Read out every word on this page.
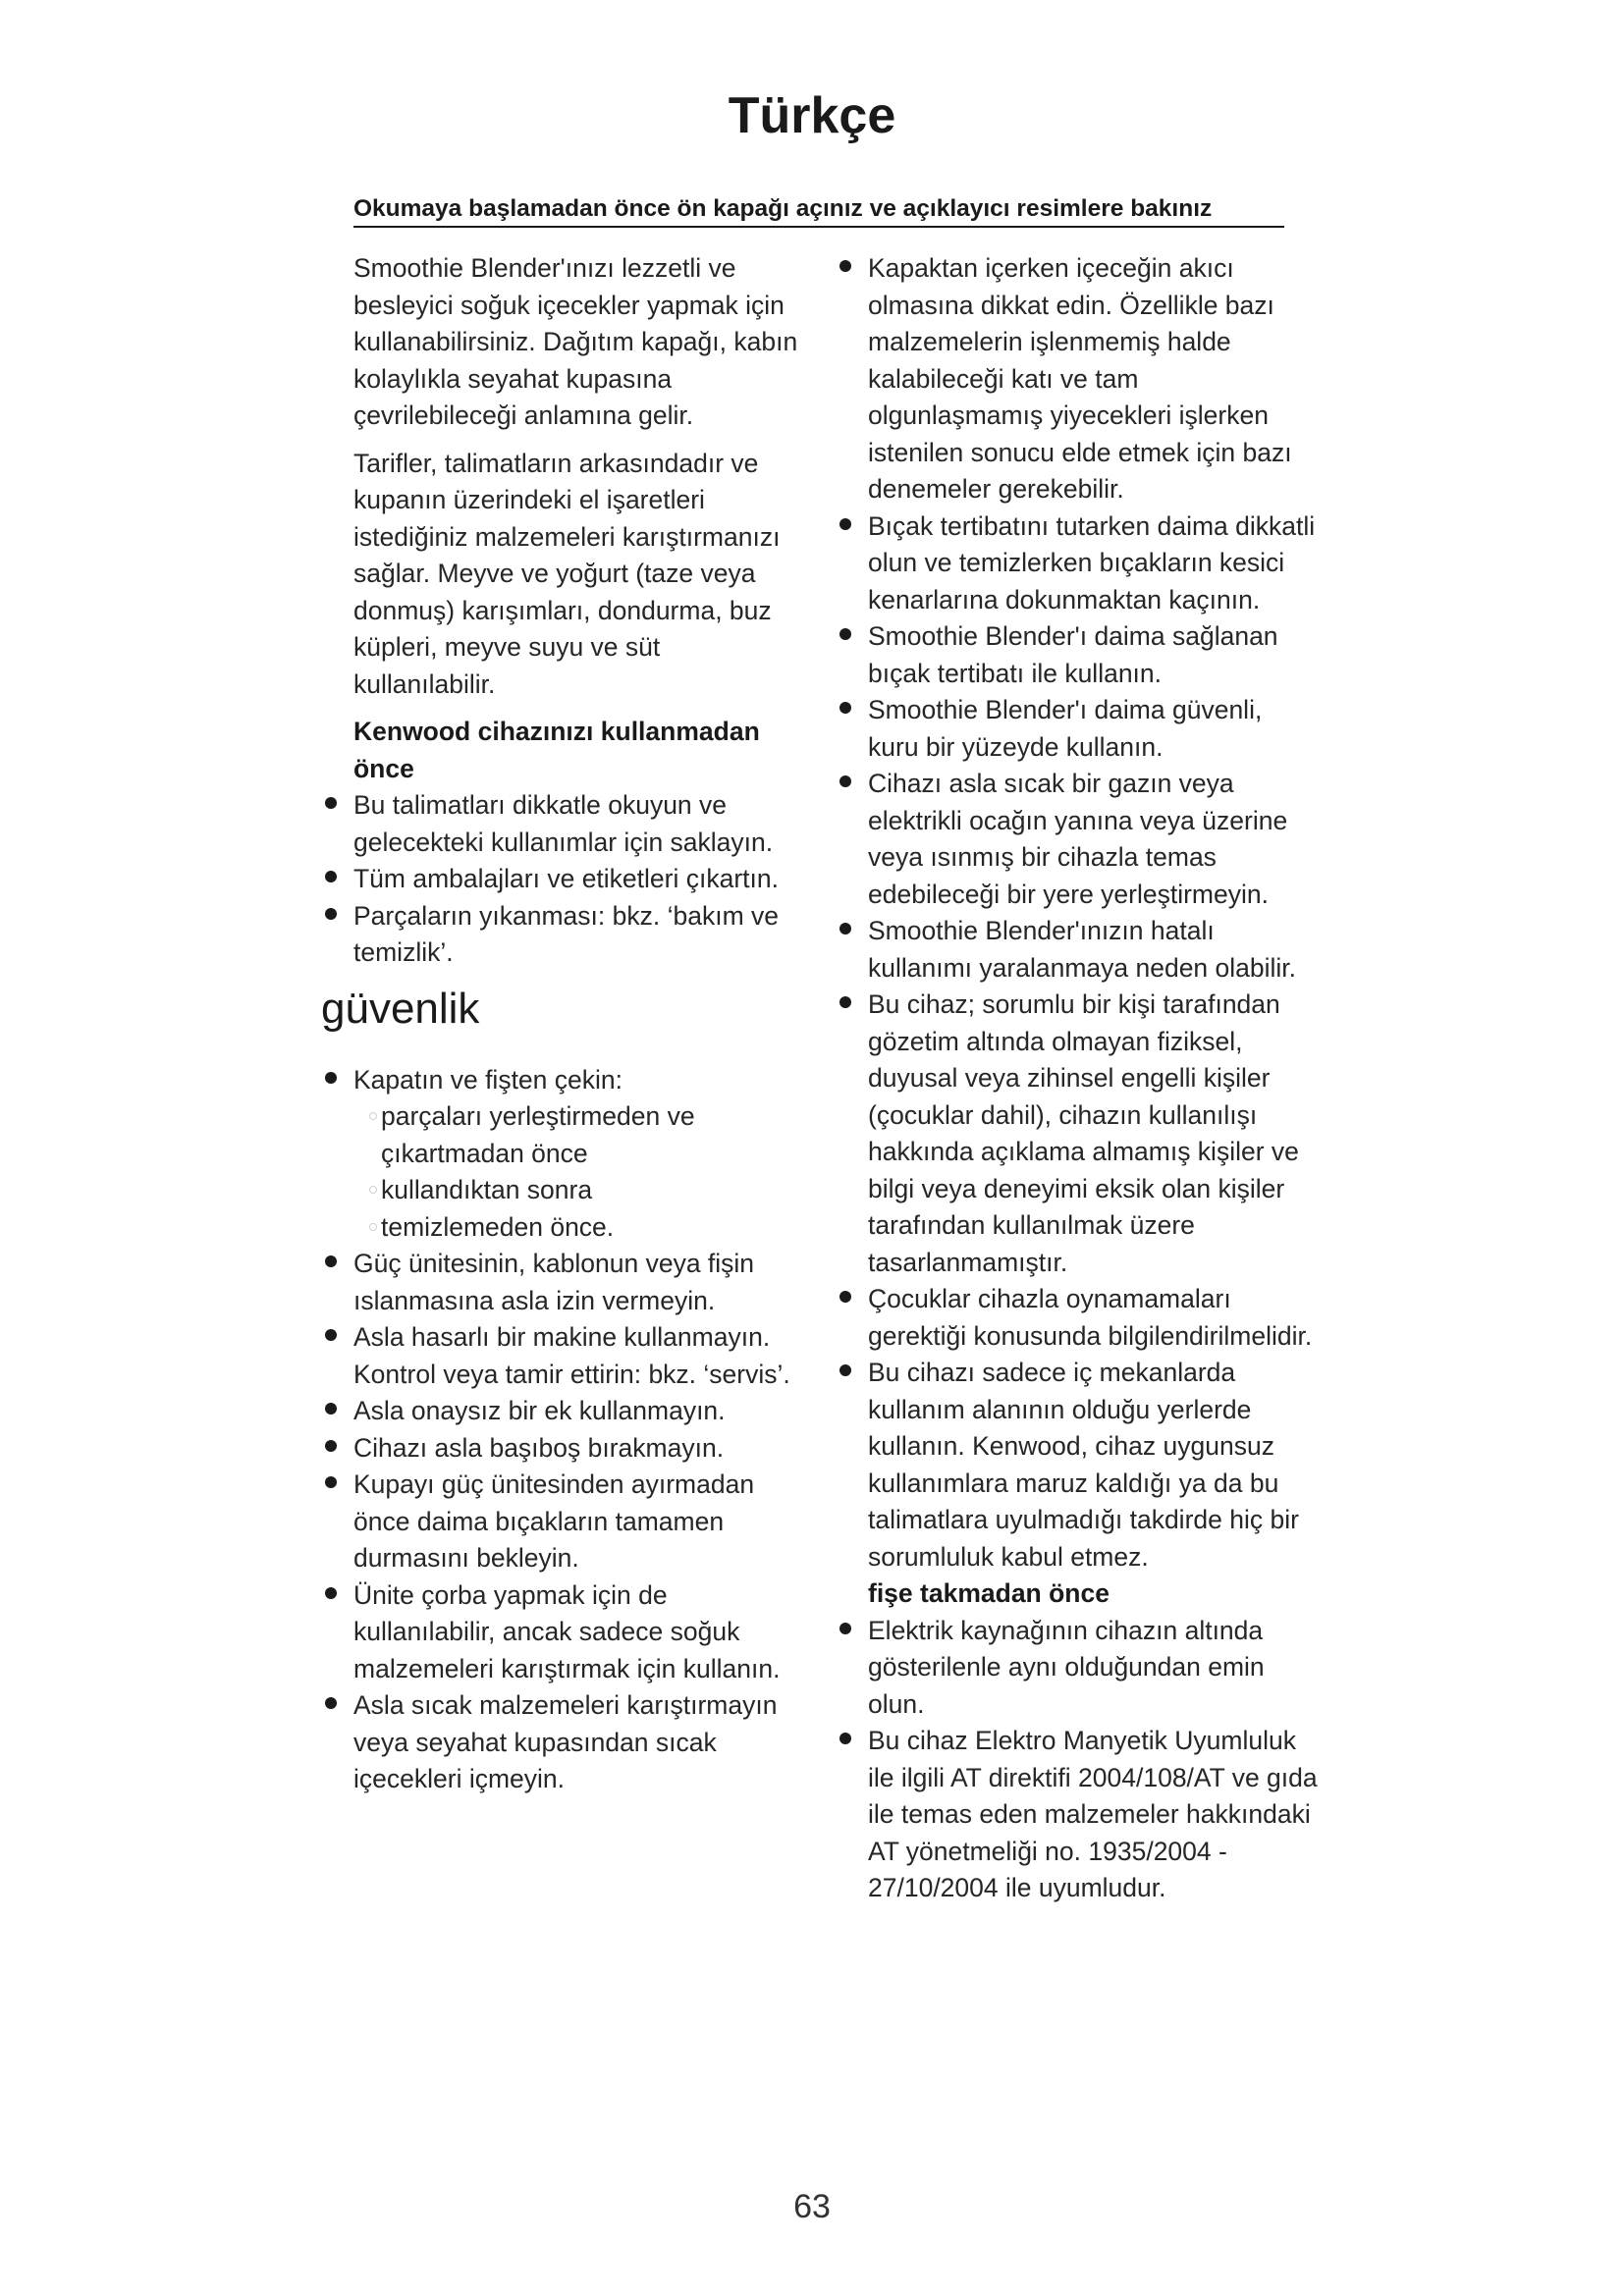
Türkçe
Okumaya başlamadan önce ön kapağı açınız ve açıklayıcı resimlere bakınız

Smoothie Blender'ınızı lezzetli ve besleyici soğuk içecekler yapmak için kullanabilirsiniz. Dağıtım kapağı, kabın kolaylıkla seyahat kupasına çevrilebileceği anlamına gelir.

Tarifler, talimatların arkasındadır ve kupanın üzerindeki el işaretleri istediğiniz malzemeleri karıştırmanızı sağlar. Meyve ve yoğurt (taze veya donmuş) karışımları, dondurma, buz küpleri, meyve suyu ve süt kullanılabilir.

Kenwood cihazınızı kullanmadan önce
Bu talimatları dikkatle okuyun ve gelecekteki kullanımlar için saklayın.
Tüm ambalajları ve etiketleri çıkartın.
Parçaların yıkanması: bkz. ‘bakım ve temizlik’.
güvenlik
Kapatın ve fişten çekin:
parçaları yerleştirmeden ve çıkartmadan önce
kullandıktan sonra
temizlemeden önce.
Güç ünitesinin, kablonun veya fişin ıslanmasına asla izin vermeyin.
Asla hasarlı bir makine kullanmayın. Kontrol veya tamir ettirin: bkz. ‘servis’.
Asla onaysız bir ek kullanmayın.
Cihazı asla başıboş bırakmayın.
Kupayı güç ünitesinden ayırmadan önce daima bıçakların tamamen durmasını bekleyin.
Ünite çorba yapmak için de kullanılabilir, ancak sadece soğuk malzemeleri karıştırmak için kullanın.
Asla sıcak malzemeleri karıştırmayın veya seyahat kupasından sıcak içecekleri içmeyin.
Kapaktan içerken içeceğin akıcı olmasına dikkat edin. Özellikle bazı malzemelerin işlenmemiş halde kalabileceği katı ve tam olgunlaşmamış yiyecekleri işlerken istenilen sonucu elde etmek için bazı denemeler gerekebilir.
Bıçak tertibatını tutarken daima dikkatli olun ve temizlerken bıçakların kesici kenarlarına dokunmaktan kaçının.
Smoothie Blender'ı daima sağlanan bıçak tertibatı ile kullanın.
Smoothie Blender'ı daima güvenli, kuru bir yüzeyde kullanın.
Cihazı asla sıcak bir gazın veya elektrikli ocağın yanına veya üzerine veya ısınmış bir cihazla temas edebileceği bir yere yerleştirmeyin.
Smoothie Blender'ınızın hatalı kullanımı yaralanmaya neden olabilir.
Bu cihaz; sorumlu bir kişi tarafından gözetim altında olmayan fiziksel, duyusal veya zihinsel engelli kişiler (çocuklar dahil), cihazın kullanılışı hakkında açıklama almamış kişiler ve bilgi veya deneyimi eksik olan kişiler tarafından kullanılmak üzere tasarlanmamıştır.
Çocuklar cihazla oynamamaları gerektiği konusunda bilgilendirilmelidir.
Bu cihazı sadece iç mekanlarda kullanım alanının olduğu yerlerde kullanın. Kenwood, cihaz uygunsuz kullanımlara maruz kaldığı ya da bu talimatlara uyulmadığı takdirde hiç bir sorumluluk kabul etmez.
fişe takmadan önce
Elektrik kaynağının cihazın altında gösterilenle aynı olduğundan emin olun.
Bu cihaz Elektro Manyetik Uyumluluk ile ilgili AT direktifi 2004/108/AT ve gıda ile temas eden malzemeler hakkındaki AT yönetmeliği no. 1935/2004 - 27/10/2004 ile uyumludur.
63
